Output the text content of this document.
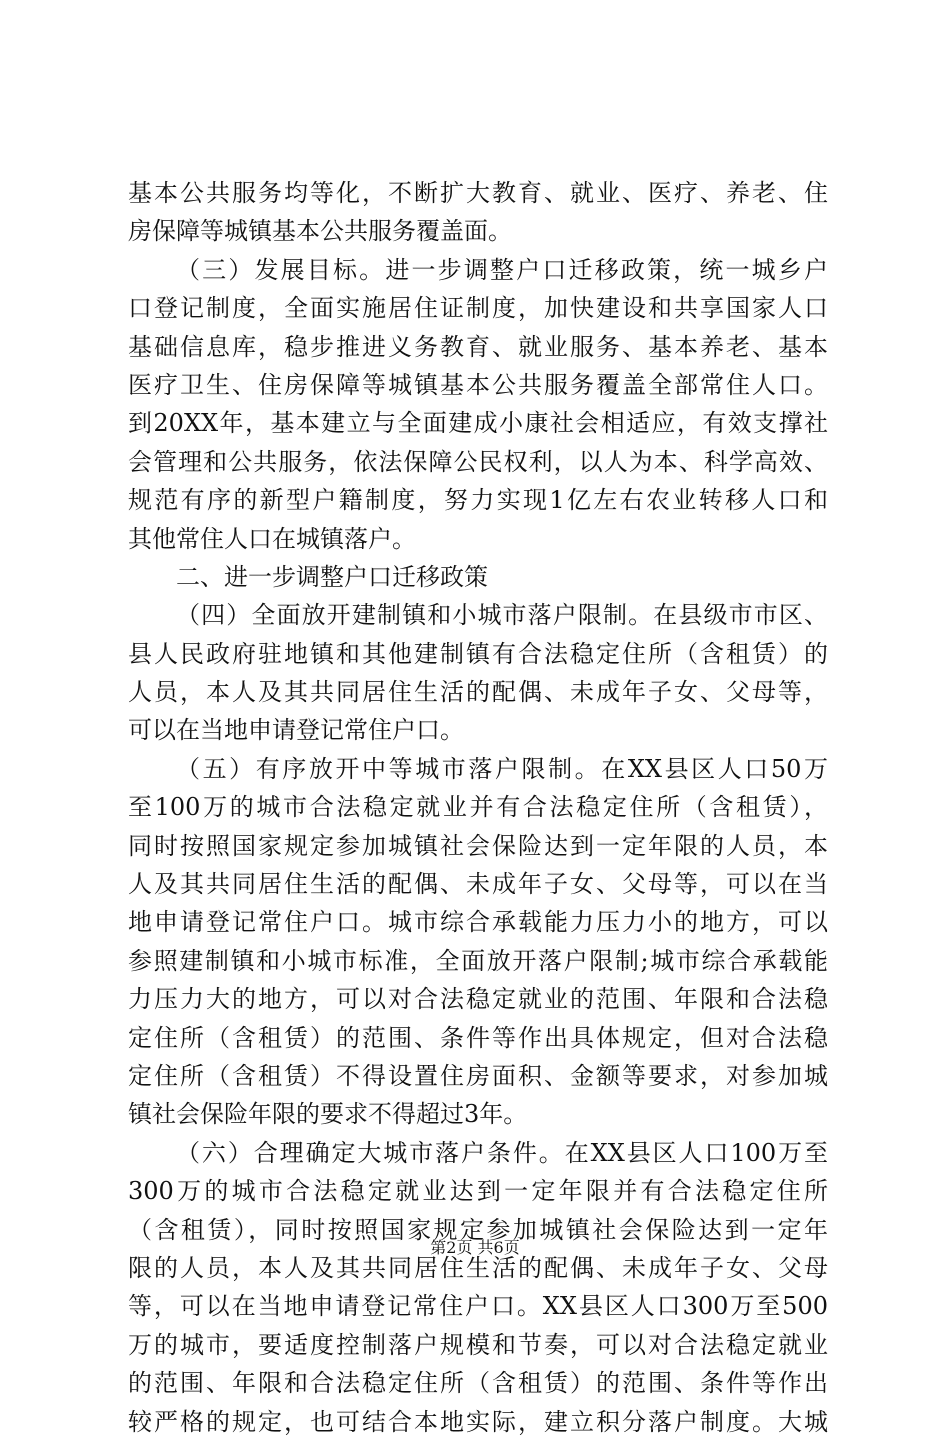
基本公共服务均等化，不断扩大教育、就业、医疗、养老、住
房保障等城镇基本公共服务覆盖面。
（三）发展目标。进一步调整户口迁移政策，统一城乡户
口登记制度，全面实施居住证制度，加快建设和共享国家人口
基础信息库，稳步推进义务教育、就业服务、基本养老、基本
医疗卫生、住房保障等城镇基本公共服务覆盖全部常住人口。
到20XX年，基本建立与全面建成小康社会相适应，有效支撑社
会管理和公共服务，依法保障公民权利，以人为本、科学高效、
规范有序的新型户籍制度，努力实现1亿左右农业转移人口和
其他常住人口在城镇落户。
二、进一步调整户口迁移政策
（四）全面放开建制镇和小城市落户限制。在县级市市区、
县人民政府驻地镇和其他建制镇有合法稳定住所（含租赁）的
人员，本人及其共同居住生活的配偶、未成年子女、父母等，
可以在当地申请登记常住户口。
（五）有序放开中等城市落户限制。在XX县区人口50万
至100万的城市合法稳定就业并有合法稳定住所（含租赁），
同时按照国家规定参加城镇社会保险达到一定年限的人员，本
人及其共同居住生活的配偶、未成年子女、父母等，可以在当
地申请登记常住户口。城市综合承载能力压力小的地方，可以
参照建制镇和小城市标准，全面放开落户限制;城市综合承载能
力压力大的地方，可以对合法稳定就业的范围、年限和合法稳
定住所（含租赁）的范围、条件等作出具体规定，但对合法稳
定住所（含租赁）不得设置住房面积、金额等要求，对参加城
镇社会保险年限的要求不得超过3年。
（六）合理确定大城市落户条件。在XX县区人口100万至
300万的城市合法稳定就业达到一定年限并有合法稳定住所
（含租赁），同时按照国家规定参加城镇社会保险达到一定年
限的人员，本人及其共同居住生活的配偶、未成年子女、父母
等，可以在当地申请登记常住户口。XX县区人口300万至500
万的城市，要适度控制落户规模和节奏，可以对合法稳定就业
的范围、年限和合法稳定住所（含租赁）的范围、条件等作出
较严格的规定，也可结合本地实际，建立积分落户制度。大城
第2页 共6页
